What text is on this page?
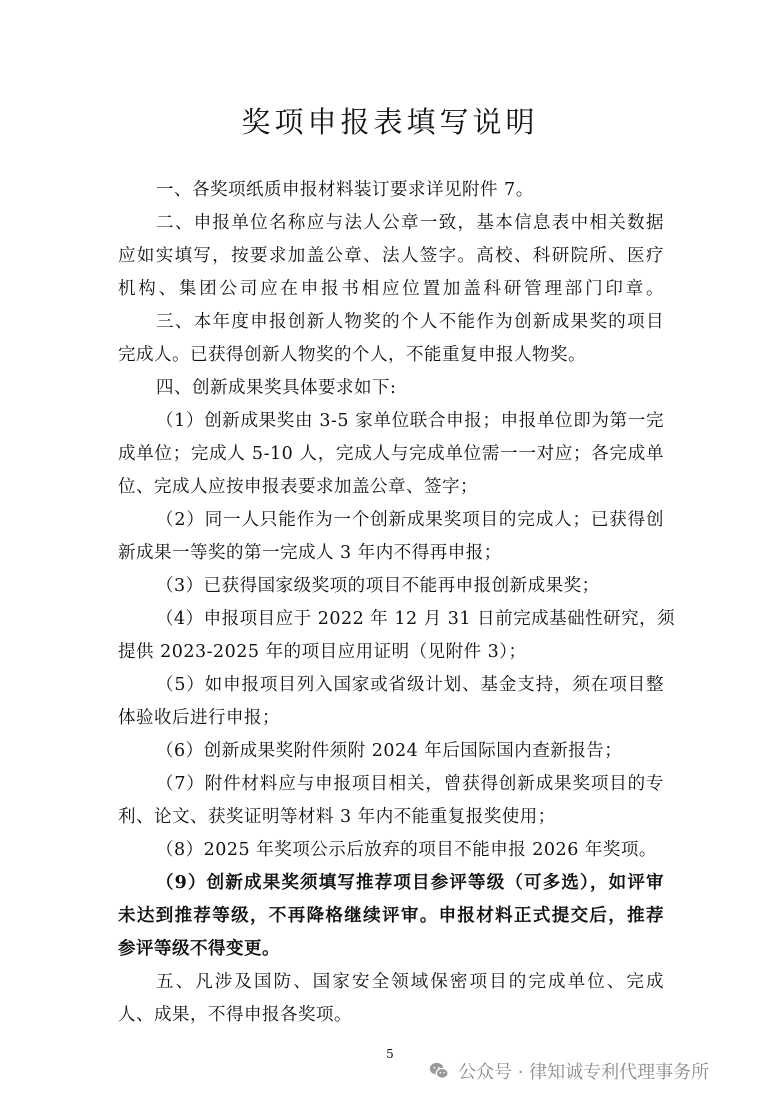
奖项申报表填写说明
一、各奖项纸质申报材料装订要求详见附件 7。
二、申报单位名称应与法人公章一致，基本信息表中相关数据
应如实填写，按要求加盖公章、法人签字。高校、科研院所、医疗
机构、集团公司应在申报书相应位置加盖科研管理部门印章。
三、本年度申报创新人物奖的个人不能作为创新成果奖的项目
完成人。已获得创新人物奖的个人，不能重复申报人物奖。
四、创新成果奖具体要求如下:
（1）创新成果奖由 3-5 家单位联合申报；申报单位即为第一完
成单位；完成人 5-10 人，完成人与完成单位需一一对应；各完成单
位、完成人应按申报表要求加盖公章、签字；
（2）同一人只能作为一个创新成果奖项目的完成人；已获得创
新成果一等奖的第一完成人 3 年内不得再申报；
（3）已获得国家级奖项的项目不能再申报创新成果奖；
（4）申报项目应于 2022 年 12 月 31 日前完成基础性研究，须
提供 2023-2025 年的项目应用证明（见附件 3）；
（5）如申报项目列入国家或省级计划、基金支持，须在项目整
体验收后进行申报；
（6）创新成果奖附件须附 2024 年后国际国内查新报告；
（7）附件材料应与申报项目相关，曾获得创新成果奖项目的专
利、论文、获奖证明等材料 3 年内不能重复报奖使用；
（8）2025 年奖项公示后放弃的项目不能申报 2026 年奖项。
（9）创新成果奖须填写推荐项目参评等级（可多选），如评审
未达到推荐等级，不再降格继续评审。申报材料正式提交后，推荐
参评等级不得变更。
五、凡涉及国防、国家安全领域保密项目的完成单位、完成
人、成果，不得申报各奖项。
5
公众号 · 律知诚专利代理事务所
